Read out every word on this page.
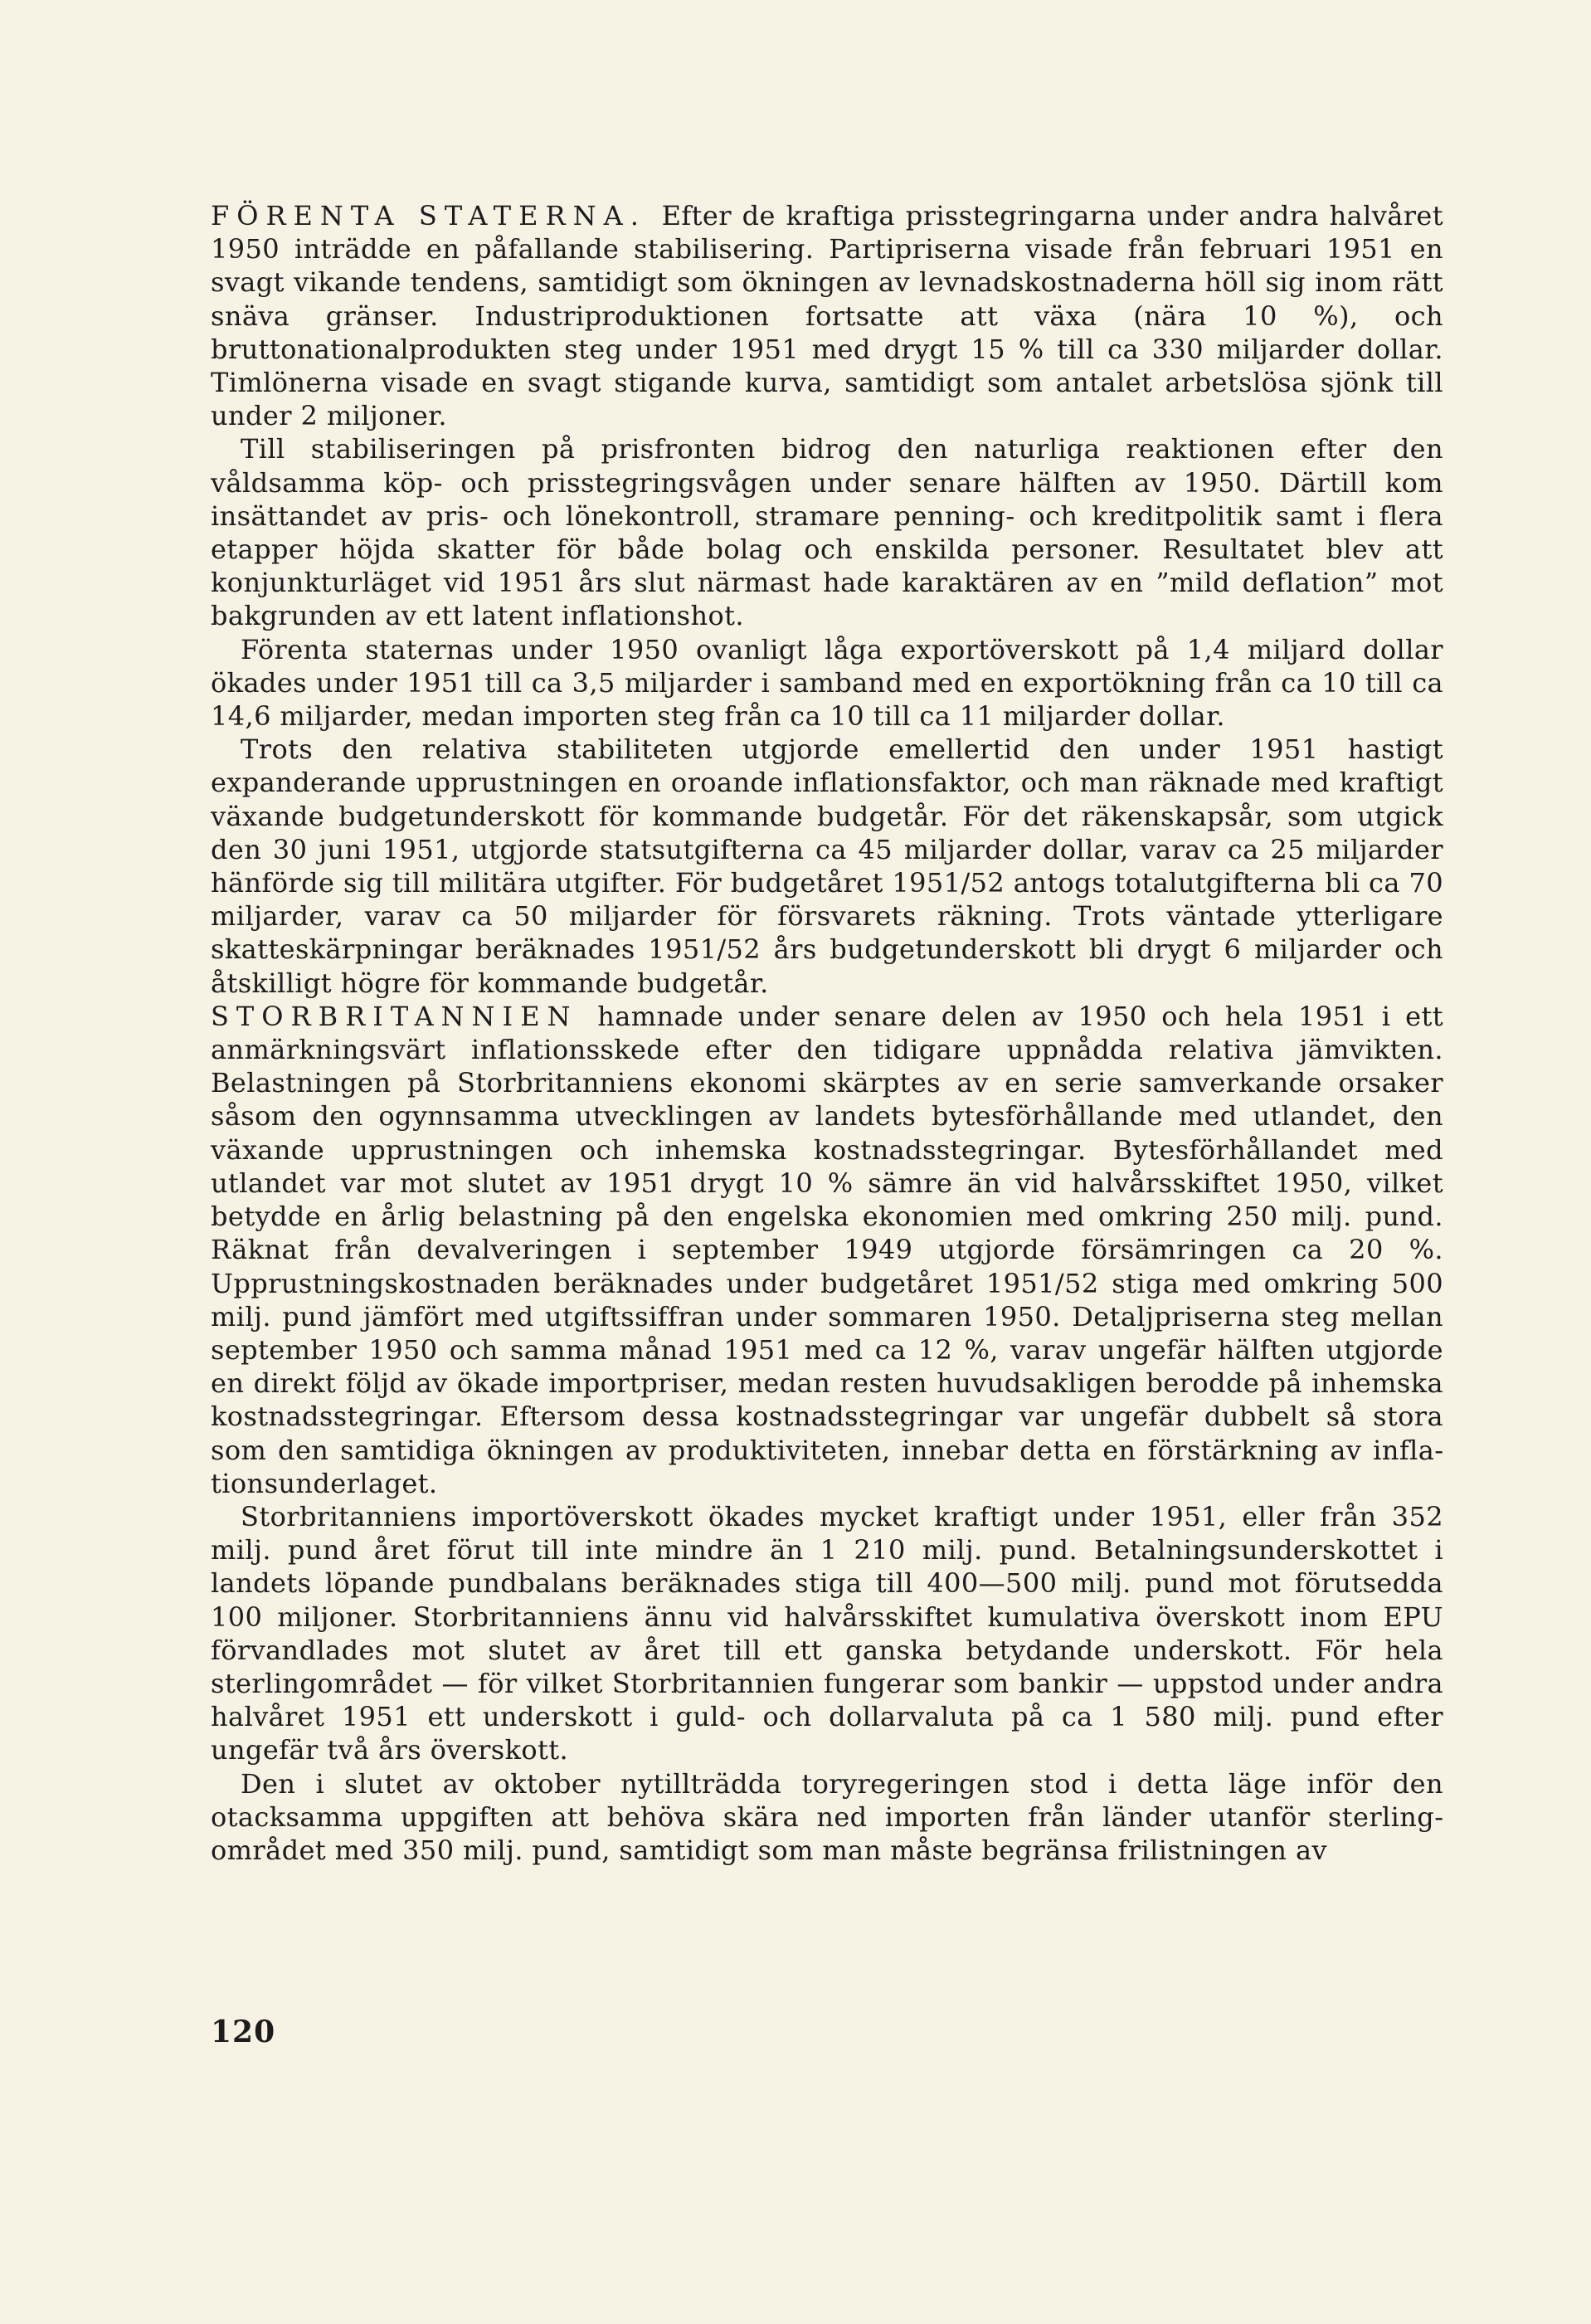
FÖRENTA STATERNA. Efter de kraftiga prisstegringarna under andra halvåret 1950 inträdde en påfallande stabilisering. Partipriserna visade från februari 1951 en svagt vikande tendens, samtidigt som ökningen av levnadskostnaderna höll sig inom rätt snäva gränser. Industriproduktionen fortsatte att växa (nära 10 %), och bruttonationalprodukten steg under 1951 med drygt 15 % till ca 330 miljarder dollar. Timlönerna visade en svagt stigande kurva, samtidigt som antalet arbetslösa sjönk till under 2 miljoner.

Till stabiliseringen på prisfronten bidrog den naturliga reaktionen efter den våldsamma köp- och prisstegringsvågen under senare hälften av 1950. Därtill kom insättandet av pris- och lönekontroll, stramare penning- och kreditpolitik samt i flera etapper höjda skatter för både bolag och enskilda personer. Resultatet blev att konjunkturläget vid 1951 års slut närmast hade karaktären av en ”mild deflation” mot bakgrunden av ett latent inflationshot.

Förenta staternas under 1950 ovanligt låga exportöverskott på 1,4 miljard dollar ökades under 1951 till ca 3,5 miljarder i samband med en exportökning från ca 10 till ca 14,6 miljarder, medan importen steg från ca 10 till ca 11 miljarder dollar.

Trots den relativa stabiliteten utgjorde emellertid den under 1951 hastigt expanderande upprustningen en oroande inflationsfaktor, och man räknade med kraftigt växande budgetunderskott för kommande budgetår. För det räkenskapsår, som utgick den 30 juni 1951, utgjorde statsutgifterna ca 45 miljarder dollar, varav ca 25 miljarder hänförde sig till militära utgifter. För budgetåret 1951/52 antogs totalutgifterna bli ca 70 miljarder, varav ca 50 miljarder för försvarets räkning. Trots väntade ytterligare skatteskärpningar beräknades 1951/52 års budgetunderskott bli drygt 6 miljarder och åtskilligt högre för kommande budgetår.

STORBRITANNIEN hamnade under senare delen av 1950 och hela 1951 i ett anmärkningsvärt inflationsskede efter den tidigare uppnådda relativa jämvikten. Belastningen på Storbritanniens ekonomi skärptes av en serie samverkande orsaker såsom den ogynnsamma utvecklingen av landets bytesförhållande med utlandet, den växande upprustningen och inhemska kostnadsstegringar. Bytesförhållandet med utlandet var mot slutet av 1951 drygt 10 % sämre än vid halvårsskiftet 1950, vilket betydde en årlig belastning på den engelska ekonomien med omkring 250 milj. pund. Räknat från devalveringen i september 1949 utgjorde försämringen ca 20 %. Upprustningskostnaden beräknades under budgetåret 1951/52 stiga med omkring 500 milj. pund jämfört med utgiftssiffran under sommaren 1950. Detaljpriserna steg mellan september 1950 och samma månad 1951 med ca 12 %, varav ungefär hälften utgjorde en direkt följd av ökade importpriser, medan resten huvudsakligen berodde på inhemska kostnadsstegringar. Eftersom dessa kostnadsstegringar var ungefär dubbelt så stora som den samtidiga ökningen av produktiviteten, innebar detta en förstärkning av inflationsunderlaget.

Storbritanniens importöverskott ökades mycket kraftigt under 1951, eller från 352 milj. pund året förut till inte mindre än 1 210 milj. pund. Betalningsunderskottet i landets löpande pundbalans beräknades stiga till 400—500 milj. pund mot förutsedda 100 miljoner. Storbritanniens ännu vid halvårsskiftet kumulativa överskott inom EPU förvandlades mot slutet av året till ett ganska betydande underskott. För hela sterlingområdet — för vilket Storbritannien fungerar som bankir — uppstod under andra halvåret 1951 ett underskott i guld- och dollarvaluta på ca 1 580 milj. pund efter ungefär två års överskott.

Den i slutet av oktober nytillträdda toryregeringen stod i detta läge inför den otacksamma uppgiften att behöva skära ned importen från länder utanför sterlingområdet med 350 milj. pund, samtidigt som man måste begränsa frilistningen av

120
